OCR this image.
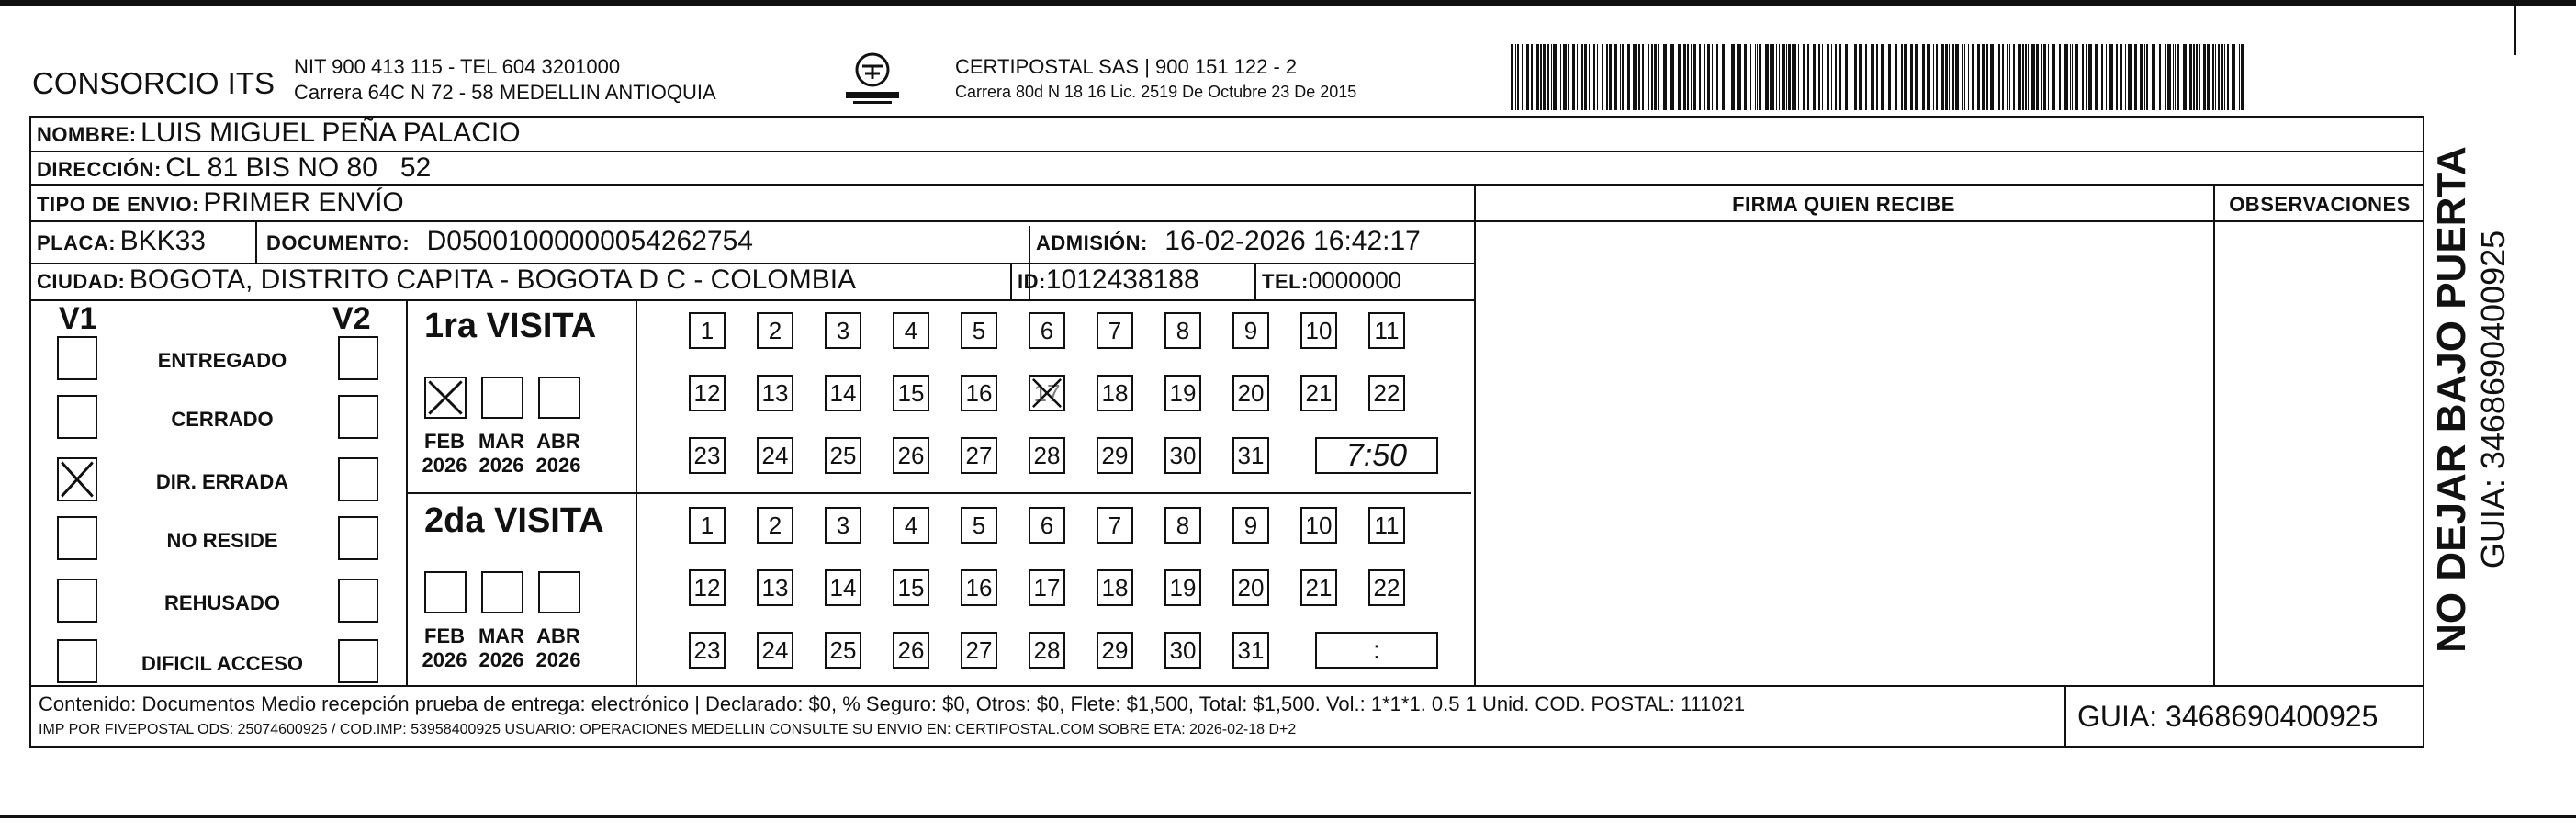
CONSORCIO ITS NIT 900 413 115 - TEL 604 3201000
Carrera 64C N 72 - 58 MEDELLIN ANTIOQUIA
CERTIPOSTAL SAS | 900 151 122 - 2
Carrera 80d N 18 16 Lic. 2519 De Octubre 23 De 2015
NOMBRE: LUIS MIGUEL PEÑA PALACIO
DIRECCIÓN: CL 81 BIS NO 80   52
TIPO DE ENVIO: PRIMER ENVÍO	FIRMA QUIEN RECIBE	OBSERVACIONES
PLACA: BKK33	DOCUMENTO: D05001000000054262754	ADMISIÓN: 16-02-2026 16:42:17
CIUDAD: BOGOTA, DISTRITO CAPITA - BOGOTA D C - COLOMBIA	ID:1012438188	TEL:0000000
V1	V2
ENTREGADO
CERRADO
DIR. ERRADA
NO RESIDE
REHUSADO
DIFICIL ACCESO
1ra VISITA
FEB
2026
MAR
2026
ABR
2026
1	2	3	4	5	6	7	8	9	10 11
12 13 14 15 16 17 18 19 20 21 22
23 24 25 26 27 28 29 30 31	7:50
2da VISITA
FEB
2026
MAR
2026
ABR
2026
1	2	3	4	5	6	7	8	9	10 11
12 13 14 15 16 17 18 19 20 21 22
23 24 25 26 27 28 29 30 31	:
Contenido: Documentos Medio recepción prueba de entrega: electrónico | Declarado: $0, % Seguro: $0, Otros: $0, Flete: $1,500, Total: $1,500. Vol.: 1*1*1. 0.5 1 Unid. COD. POSTAL: 111021
IMP POR FIVEPOSTAL ODS: 25074600925 / COD.IMP: 53958400925 USUARIO: OPERACIONES MEDELLIN CONSULTE SU ENVIO EN: CERTIPOSTAL.COM SOBRE ETA: 2026-02-18 D+2	GUIA: 3468690400925
NO DEJAR BAJO PUERTA GUIA: 3468690400925
